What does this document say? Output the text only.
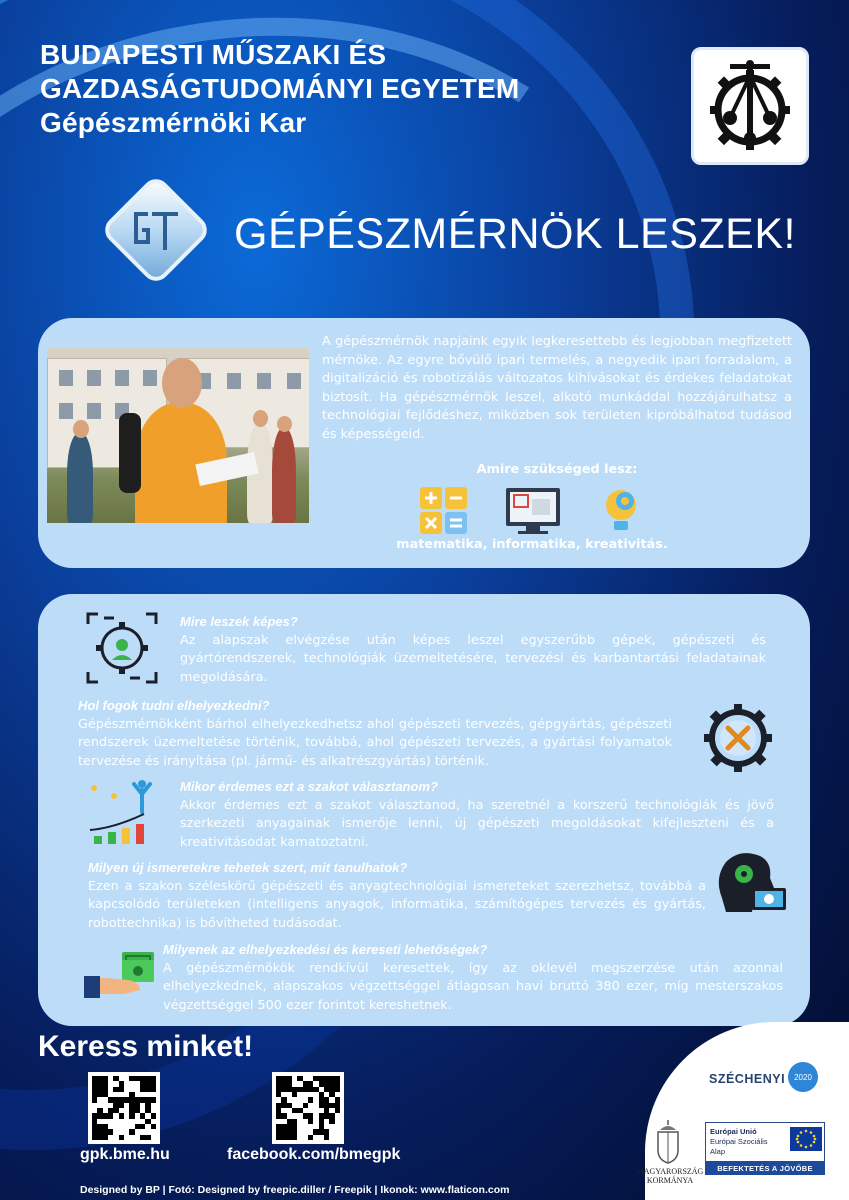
BUDAPESTI MŰSZAKI ÉS
GAZDASÁGTUDOMÁNYI EGYETEM
Gépészmérnöki Kar
GÉPÉSZMÉRNÖK LESZEK!
A gépészmérnök napjaink egyik legkeresettebb és legjobban megfizetett mérnöke. Az egyre bővülő ipari termelés, a negyedik ipari forradalom, a digitalizáció és robotizálás változatos kihívásokat és érdekes feladatokat biztosít. Ha gépészmérnök leszel, alkotó munkáddal hozzájárulhatsz a technológiai fejlődéshez, miközben sok területen kipróbálhatod tudásod és képességeid.
Amire szükséged lesz:
matematika, informatika, kreativitás.
Mire leszek képes?
Az alapszak elvégzése után képes leszel egyszerűbb gépek, gépészeti és gyártórendszerek, technológiák üzemeltetésére, tervezési és karbantartási feladatainak megoldására.
Hol fogok tudni elhelyezkedni?
Gépészmérnökként bárhol elhelyezkedhetsz ahol gépészeti tervezés, gépgyártás, gépészeti rendszerek üzemeltetése történik, továbbá, ahol gépészeti tervezés, a gyártási folyamatok tervezése és irányítása (pl. jármű- és alkatrészgyártás) történik.
Mikor érdemes ezt a szakot választanom?
Akkor érdemes ezt a szakot választanod, ha szeretnél a korszerű technológiák és jövő szerkezeti anyagainak ismerője lenni, új gépészeti megoldásokat kifejleszteni és a kreativitásodat kamatoztatni.
Milyen új ismeretekre tehetek szert, mit tanulhatok?
Ezen a szakon széleskörű gépészeti és anyagtechnológiai ismereteket szerezhetsz, továbbá a kapcsolódó területeken (intelligens anyagok, informatika, számítógépes tervezés és gyártás, robottechnika) is bővítheted tudásodat.
Milyenek az elhelyezkedési és kereseti lehetőségek?
A gépészmérnökök rendkívül keresettek, így az oklevél megszerzése után azonnal elhelyezkednek, alapszakos végzettséggel átlagosan havi bruttó 380 ezer, míg mesterszakos végzettséggel 500 ezer forintot kereshetnek.
Keress minket!
gpk.bme.hu	facebook.com/bmegpk
Designed by BP | Fotó: Designed by freepic.diller / Freepik | Ikonok: www.flaticon.com
SZÉCHENYI	2020
MAGYARORSZÁG KORMÁNYA
Európai Unió
Európai Szociális
Alap
BEFEKTETÉS A JÖVŐBE
